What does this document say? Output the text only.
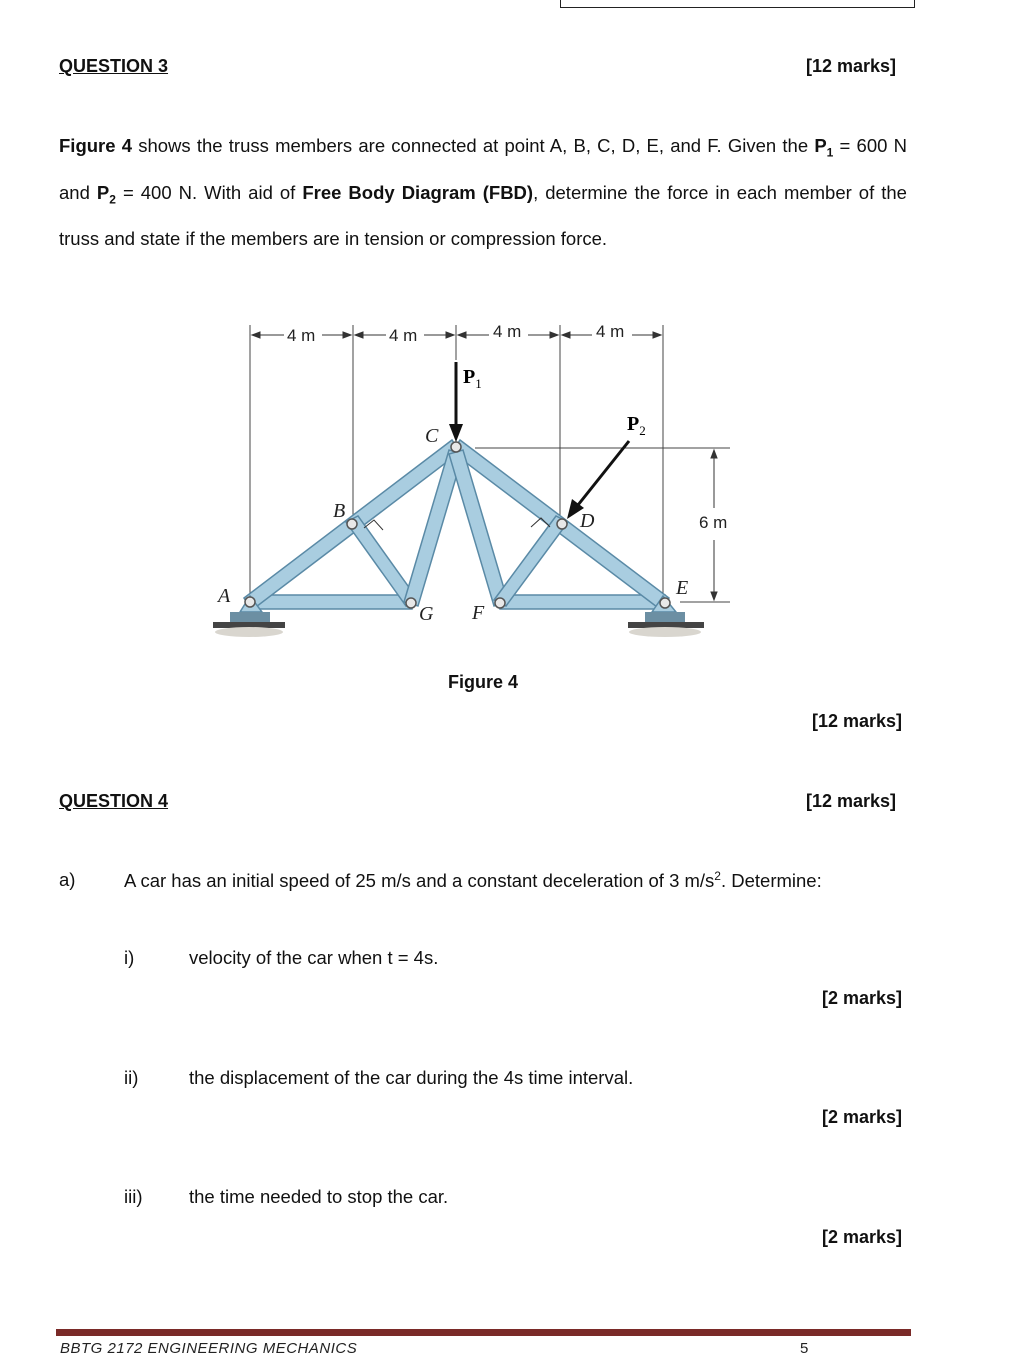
QUESTION 3	[12 marks]
Figure 4 shows the truss members are connected at point A, B, C, D, E, and F. Given the $P_1 = 600$ N and $P_2 = 400$ N. With aid of Free Body Diagram (FBD), determine the force in each member of the truss and state if the members are in tension or compression force.
4 m	4 m	4 m	4 m
6 m
$P_1$
$P_2$
A
B
C
D
E
F
G
Figure 4
[12 marks]
QUESTION 4	[12 marks]
a)	A car has an initial speed of 25 m/s and a constant deceleration of 3 $m/s^2$. Determine:
i)	velocity of the car when t = 4s.
[2 marks]
ii)	the displacement of the car during the 4s time interval.
[2 marks]
iii)	the time needed to stop the car.
[2 marks]
BBTG 2172 ENGINEERING MECHANICS	5
